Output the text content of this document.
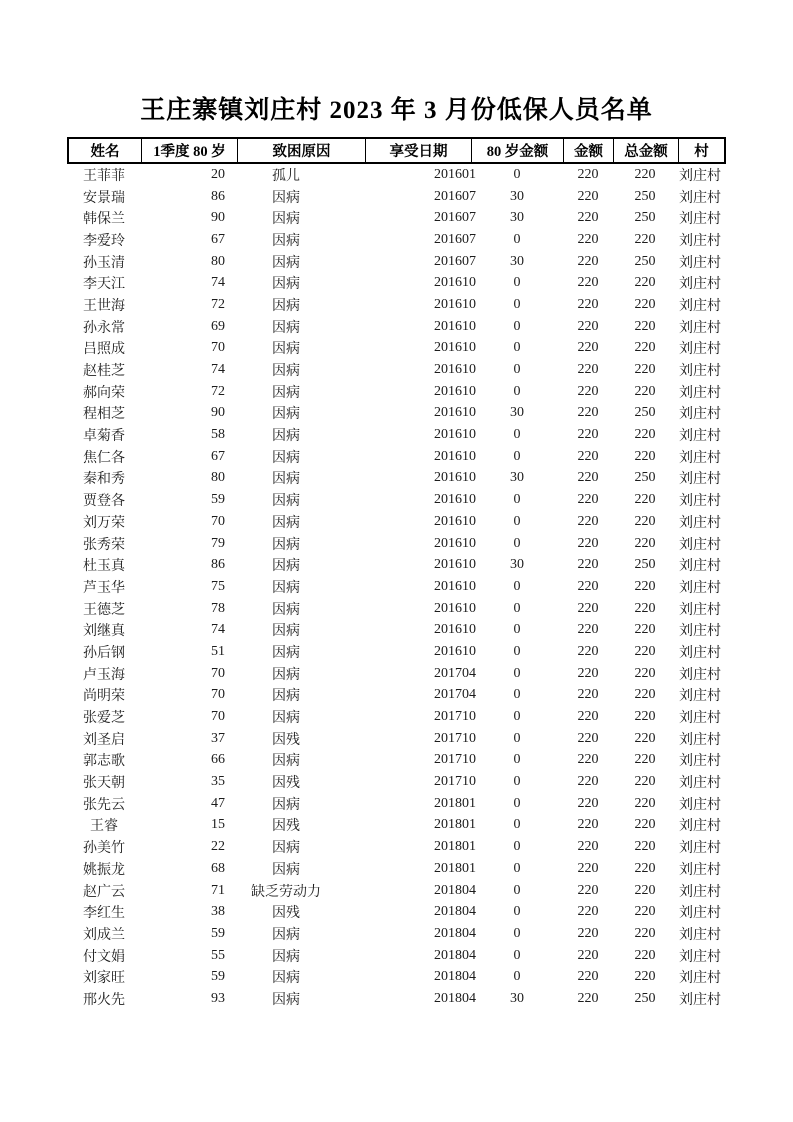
王庄寨镇刘庄村 2023 年 3 月份低保人员名单
姓名	1季度 80 岁	致困原因	享受日期	80 岁金额	金额	总金额	村
王菲菲	20	孤儿	201601	0	220	220 刘庄村
安景瑞	86	因病	201607 30	220	250 刘庄村
韩保兰	90	因病	201607 30	220	250 刘庄村
李爱玲	67	因病	201607	0	220	220 刘庄村
孙玉清	80	因病	201607 30	220	250 刘庄村
李天江	74	因病	201610	0	220	220 刘庄村
王世海	72	因病	201610	0	220	220 刘庄村
孙永常	69	因病	201610	0	220	220 刘庄村
吕照成	70	因病	201610	0	220	220 刘庄村
赵桂芝	74	因病	201610	0	220	220 刘庄村
郝向荣	72	因病	201610	0	220	220 刘庄村
程相芝	90	因病	201610 30	220	250 刘庄村
卓菊香	58	因病	201610	0	220	220 刘庄村
焦仁各	67	因病	201610	0	220	220 刘庄村
秦和秀	80	因病	201610 30	220	250 刘庄村
贾登各	59	因病	201610	0	220	220 刘庄村
刘万荣	70	因病	201610	0	220	220 刘庄村
张秀荣	79	因病	201610	0	220	220 刘庄村
杜玉真	86	因病	201610 30	220	250 刘庄村
芦玉华	75	因病	201610	0	220	220 刘庄村
王德芝	78	因病	201610	0	220	220 刘庄村
刘继真	74	因病	201610	0	220	220 刘庄村
孙后钢	51	因病	201610	0	220	220 刘庄村
卢玉海	70	因病	201704	0	220	220 刘庄村
尚明荣	70	因病	201704	0	220	220 刘庄村
张爱芝	70	因病	201710	0	220	220 刘庄村
刘圣启	37	因残	201710	0	220	220 刘庄村
郭志歌	66	因病	201710	0	220	220 刘庄村
张天朝	35	因残	201710	0	220	220 刘庄村
张先云	47	因病	201801	0	220	220 刘庄村
王睿	15	因残	201801	0	220	220 刘庄村
孙美竹	22	因病	201801	0	220	220 刘庄村
姚振龙	68	因病	201801	0	220	220 刘庄村
赵广云	71 缺乏劳动力	201804	0	220	220 刘庄村
李红生	38	因残	201804	0	220	220 刘庄村
刘成兰	59	因病	201804	0	220	220 刘庄村
付文娟	55	因病	201804	0	220	220 刘庄村
刘家旺	59	因病	201804	0	220	220 刘庄村
邢火先	93	因病	201804 30	220	250 刘庄村
